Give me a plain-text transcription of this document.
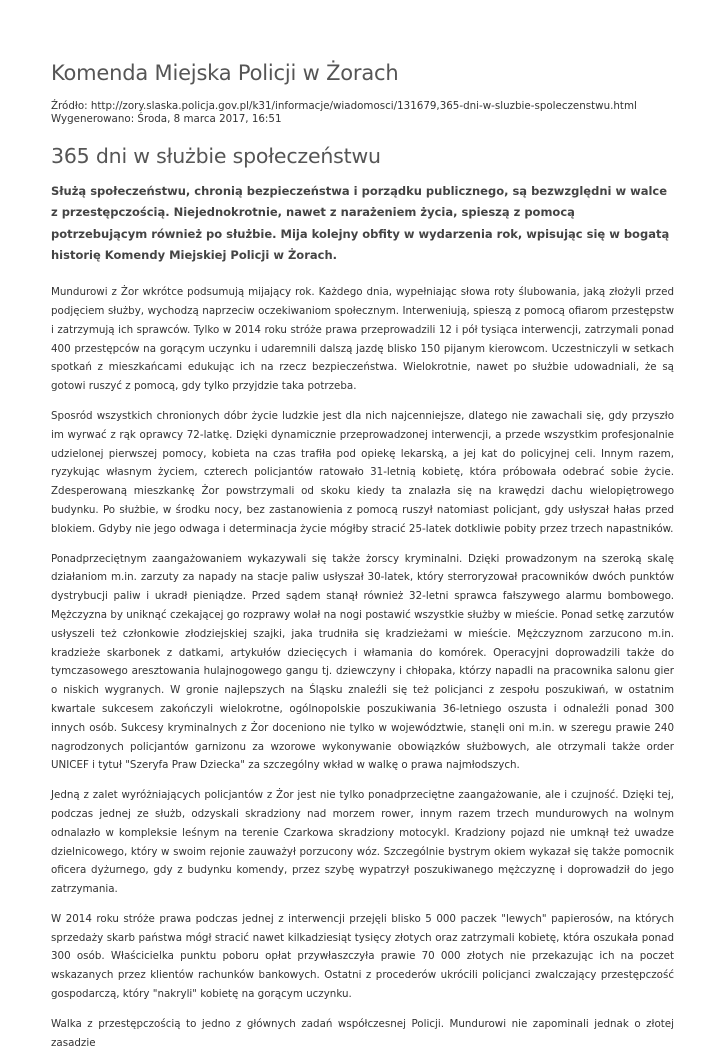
Komenda Miejska Policji w Żorach

Źródło: http://zory.slaska.policja.gov.pl/k31/informacje/wiadomosci/131679,365-dni-w-sluzbie-spoleczenstwu.html

Wygenerowano: Środa, 8 marca 2017, 16:51

365 dni w służbie społeczeństwu

Służą społeczeństwu, chronią bezpieczeństwa i porządku publicznego, są bezwzględni w walce z przestępczością. Niejednokrotnie, nawet z narażeniem życia, spieszą z pomocą potrzebującym również po służbie. Mija kolejny obfity w wydarzenia rok, wpisując się w bogatą historię Komendy Miejskiej Policji w Żorach.

Mundurowi z Żor wkrótce podsumują mijający rok. Każdego dnia, wypełniając słowa roty ślubowania, jaką złożyli przed podjęciem służby, wychodzą naprzeciw oczekiwaniom społecznym. Interweniują, spieszą z pomocą ofiarom przestępstw i zatrzymują ich sprawców. Tylko w 2014 roku stróże prawa przeprowadzili 12 i pół tysiąca interwencji, zatrzymali ponad 400 przestępców na gorącym uczynku i udaremnili dalszą jazdę blisko 150 pijanym kierowcom. Uczestniczyli w setkach spotkań z mieszkańcami edukując ich na rzecz bezpieczeństwa. Wielokrotnie, nawet po służbie udowadniali, że są gotowi ruszyć z pomocą, gdy tylko przyjdzie taka potrzeba.

Sposród wszystkich chronionych dóbr życie ludzkie jest dla nich najcenniejsze, dlatego nie zawachali się, gdy przyszło im wyrwać z rąk oprawcy 72-latkę. Dzięki dynamicznie przeprowadzonej interwencji, a przede wszystkim profesjonalnie udzielonej pierwszej pomocy, kobieta na czas trafiła pod opiekę lekarską, a jej kat do policyjnej celi. Innym razem, ryzykując własnym życiem, czterech policjantów ratowało 31-letnią kobietę, która próbowała odebrać sobie życie. Zdesperowaną mieszkankę Żor powstrzymali od skoku kiedy ta znalazła się na krawędzi dachu wielopiętrowego budynku. Po służbie, w środku nocy, bez zastanowienia z pomocą ruszył natomiast policjant, gdy usłyszał hałas przed blokiem. Gdyby nie jego odwaga i determinacja życie mógłby stracić 25-latek dotkliwie pobity przez trzech napastników.

Ponadprzeciętnym zaangażowaniem wykazywali się także żorscy kryminalni. Dzięki prowadzonym na szeroką skalę działaniom m.in. zarzuty za napady na stacje paliw usłyszał 30-latek, który sterroryzował pracowników dwóch punktów dystrybucji paliw i ukradł pieniądze. Przed sądem stanął również 32-letni sprawca fałszywego alarmu bombowego. Mężczyzna by uniknąć czekającej go rozprawy wolał na nogi postawić wszystkie służby w mieście. Ponad setkę zarzutów usłyszeli też członkowie złodziejskiej szajki, jaka trudniła się kradzieżami w mieście. Mężczyznom zarzucono m.in. kradzieże skarbonek z datkami, artykułów dziecięcych i włamania do komórek. Operacyjni doprowadzili także do tymczasowego aresztowania hulajnogowego gangu tj. dziewczyny i chłopaka, którzy napadli na pracownika salonu gier o niskich wygranych. W gronie najlepszych na Śląsku znaleźli się też policjanci z zespołu poszukiwań, w ostatnim kwartale sukcesem zakończyli wielokrotne, ogólnopolskie poszukiwania 36-letniego oszusta i odnaleźli ponad 300 innych osób. Sukcesy kryminalnych z Żor doceniono nie tylko w województwie, stanęli oni m.in. w szeregu prawie 240 nagrodzonych policjantów garnizonu za wzorowe wykonywanie obowiązków służbowych, ale otrzymali także order UNICEF i tytuł "Szeryfa Praw Dziecka" za szczególny wkład w walkę o prawa najmłodszych.

Jedną z zalet wyróżniających policjantów z Żor jest nie tylko ponadprzeciętne zaangażowanie, ale i czujność. Dzięki tej, podczas jednej ze służb, odzyskali skradziony nad morzem rower, innym razem trzech mundurowych na wolnym odnalazło w kompleksie leśnym na terenie Czarkowa skradziony motocykl. Kradziony pojazd nie umknął też uwadze dzielnicowego, który w swoim rejonie zauważył porzucony wóz. Szczególnie bystrym okiem wykazał się także pomocnik oficera dyżurnego, gdy z budynku komendy, przez szybę wypatrzył poszukiwanego mężczyznę i doprowadził do jego zatrzymania.

W 2014 roku stróże prawa podczas jednej z interwencji przejęli blisko 5 000 paczek "lewych" papierosów, na których sprzedaży skarb państwa mógł stracić nawet kilkadziesiąt tysięcy złotych oraz zatrzymali kobietę, która oszukała ponad 300 osób. Właścicielka punktu poboru opłat przywłaszczyła prawie 70 000 złotych nie przekazując ich na poczet wskazanych przez klientów rachunków bankowych. Ostatni z procederów ukrócili policjanci zwalczający przestępczość gospodarczą, który "nakryli" kobietę na gorącym uczynku.

Walka z przestępczością to jedno z głównych zadań współczesnej Policji. Mundurowi nie zapominali jednak o złotej zasadzie
